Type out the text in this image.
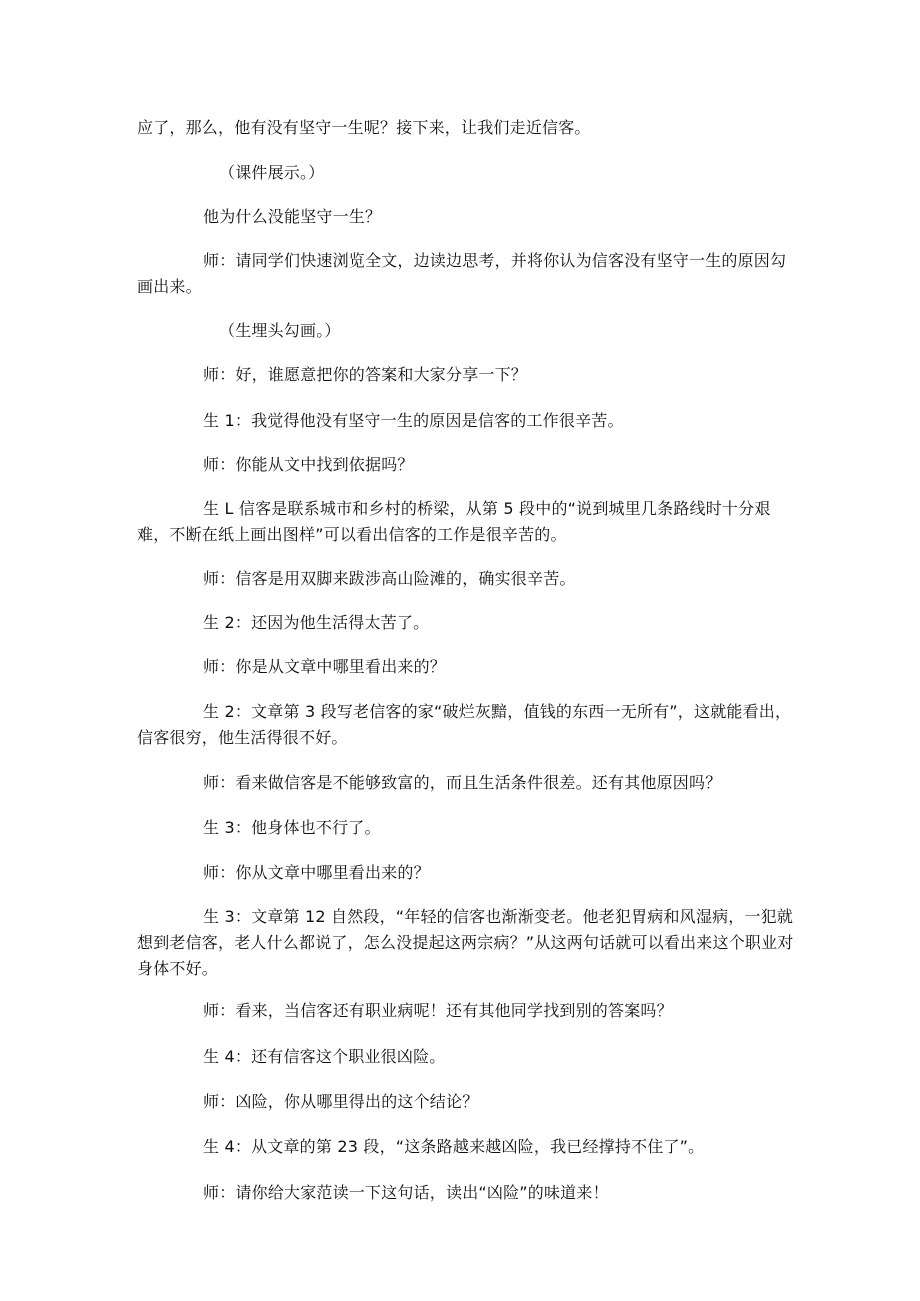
应了，那么，他有没有坚守一生呢？接下来，让我们走近信客。
（课件展示。）
他为什么没能坚守一生？
师：请同学们快速浏览全文，边读边思考，并将你认为信客没有坚守一生的原因勾画出来。
（生埋头勾画。）
师：好，谁愿意把你的答案和大家分享一下？
生 1：我觉得他没有坚守一生的原因是信客的工作很辛苦。
师：你能从文中找到依据吗？
生 L 信客是联系城市和乡村的桥梁，从第 5 段中的“说到城里几条路线时十分艰难，不断在纸上画出图样”可以看出信客的工作是很辛苦的。
师：信客是用双脚来跋涉高山险滩的，确实很辛苦。
生 2：还因为他生活得太苦了。
师：你是从文章中哪里看出来的？
生 2：文章第 3 段写老信客的家“破烂灰黯，值钱的东西一无所有”，这就能看出，信客很穷，他生活得很不好。
师：看来做信客是不能够致富的，而且生活条件很差。还有其他原因吗？
生 3：他身体也不行了。
师：你从文章中哪里看出来的？
生 3：文章第 12 自然段，“年轻的信客也渐渐变老。他老犯胃病和风湿病，一犯就想到老信客，老人什么都说了，怎么没提起这两宗病？”从这两句话就可以看出来这个职业对身体不好。
师：看来，当信客还有职业病呢！还有其他同学找到别的答案吗？
生 4：还有信客这个职业很凶险。
师：凶险，你从哪里得出的这个结论？
生 4：从文章的第 23 段，“这条路越来越凶险，我已经撑持不住了”。
师：请你给大家范读一下这句话，读出“凶险”的味道来！
